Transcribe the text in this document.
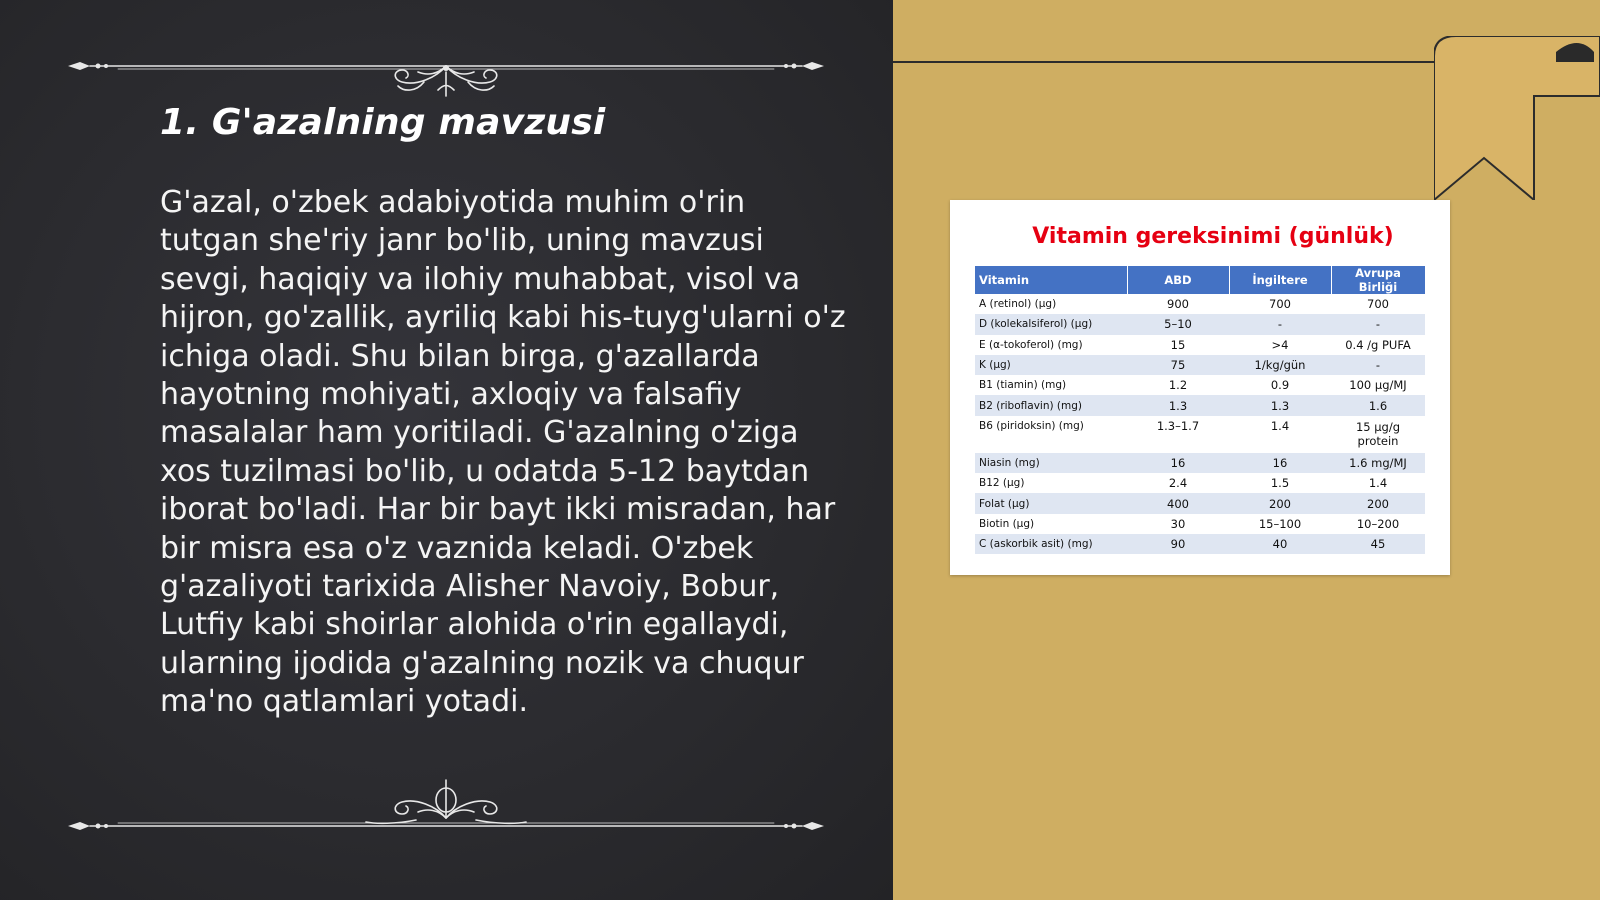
1. G'azalning mavzusi

G'azal, o'zbek adabiyotida muhim o'rin tutgan she'riy janr bo'lib, uning mavzusi sevgi, haqiqiy va ilohiy muhabbat, visol va hijron, go'zallik, ayriliq kabi his-tuyg'ularni o'z ichiga oladi. Shu bilan birga, g'azallarda hayotning mohiyati, axloqiy va falsafiy masalalar ham yoritiladi. G'azalning o'ziga xos tuzilmasi bo'lib, u odatda 5-12 baytdan iborat bo'ladi. Har bir bayt ikki misradan, har bir misra esa o'z vaznida keladi. O'zbek g'azaliyoti tarixida Alisher Navoiy, Bobur, Lutfiy kabi shoirlar alohida o'rin egallaydi, ularning ijodida g'azalning nozik va chuqur ma'no qatlamlari yotadi.

Vitamin gereksinimi (günlük)
Vitamin	ABD	İngiltere	Avrupa Birliği
A (retinol) (µg)	900	700	700
D (kolekalsiferol) (µg)	5–10	-	-
E (α-tokoferol) (mg)	15	>4	0.4 /g PUFA
K (µg)	75	1/kg/gün	-
B1 (tiamin) (mg)	1.2	0.9	100 µg/MJ
B2 (riboflavin) (mg)	1.3	1.3	1.6
B6 (piridoksin) (mg)	1.3–1.7	1.4	15 µg/g protein
Niasin (mg)	16	16	1.6 mg/MJ
B12 (µg)	2.4	1.5	1.4
Folat (µg)	400	200	200
Biotin (µg)	30	15–100	10–200
C (askorbik asit) (mg)	90	40	45
